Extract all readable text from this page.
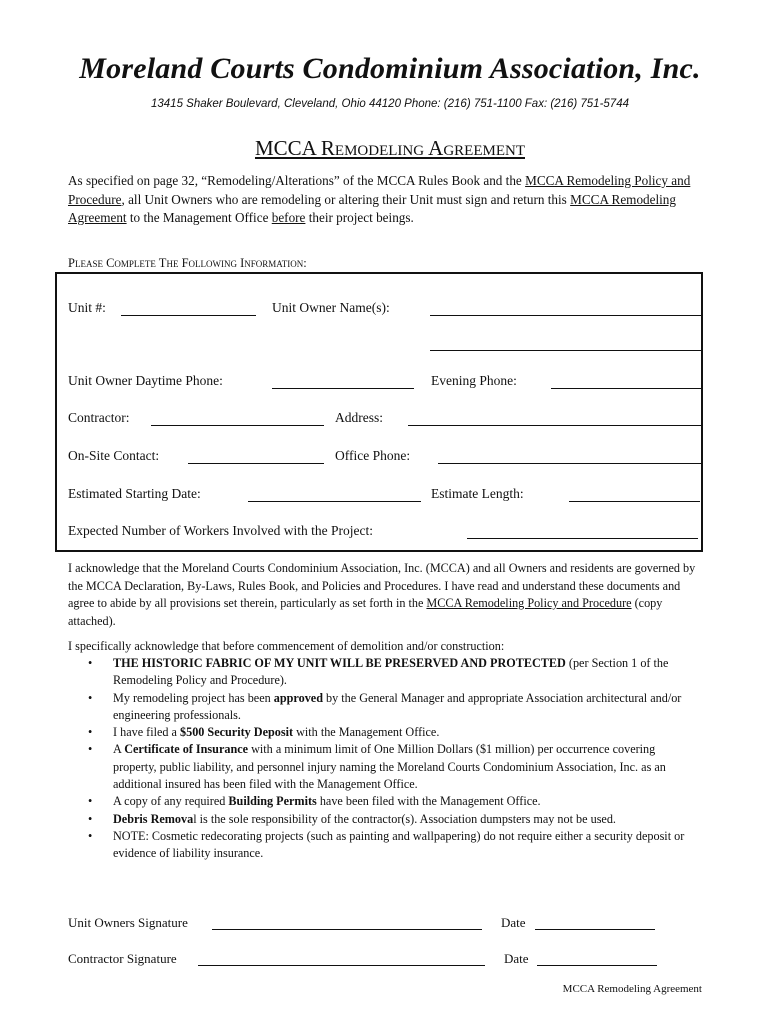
Moreland Courts Condominium Association, Inc.
13415 Shaker Boulevard, Cleveland, Ohio 44120 Phone: (216) 751-1100 Fax: (216) 751-5744
MCCA Remodeling Agreement
As specified on page 32, “Remodeling/Alterations” of the MCCA Rules Book and the MCCA Remodeling Policy and Procedure, all Unit Owners who are remodeling or altering their Unit must sign and return this MCCA Remodeling Agreement to the Management Office before their project beings.
Please Complete The Following Information:
Unit #:	Unit Owner Name(s):
Unit Owner Daytime Phone:	Evening Phone:
Contractor:	Address:
On-Site Contact:	Office Phone:
Estimated Starting Date:	Estimate Length:
Expected Number of Workers Involved with the Project:
I acknowledge that the Moreland Courts Condominium Association, Inc. (MCCA) and all Owners and residents are governed by the MCCA Declaration, By-Laws, Rules Book, and Policies and Procedures. I have read and understand these documents and agree to abide by all provisions set therein, particularly as set forth in the MCCA Remodeling Policy and Procedure (copy attached).
I specifically acknowledge that before commencement of demolition and/or construction:
• THE HISTORIC FABRIC OF MY UNIT WILL BE PRESERVED AND PROTECTED (per Section 1 of the Remodeling Policy and Procedure).
• My remodeling project has been approved by the General Manager and appropriate Association architectural and/or engineering professionals.
• I have filed a $500 Security Deposit with the Management Office.
• A Certificate of Insurance with a minimum limit of One Million Dollars ($1 million) per occurrence covering property, public liability, and personnel injury naming the Moreland Courts Condominium Association, Inc. as an additional insured has been filed with the Management Office.
• A copy of any required Building Permits have been filed with the Management Office.
• Debris Removal is the sole responsibility of the contractor(s). Association dumpsters may not be used.
• NOTE: Cosmetic redecorating projects (such as painting and wallpapering) do not require either a security deposit or evidence of liability insurance.
Unit Owners Signature	Date
Contractor Signature	Date
MCCA Remodeling Agreement
